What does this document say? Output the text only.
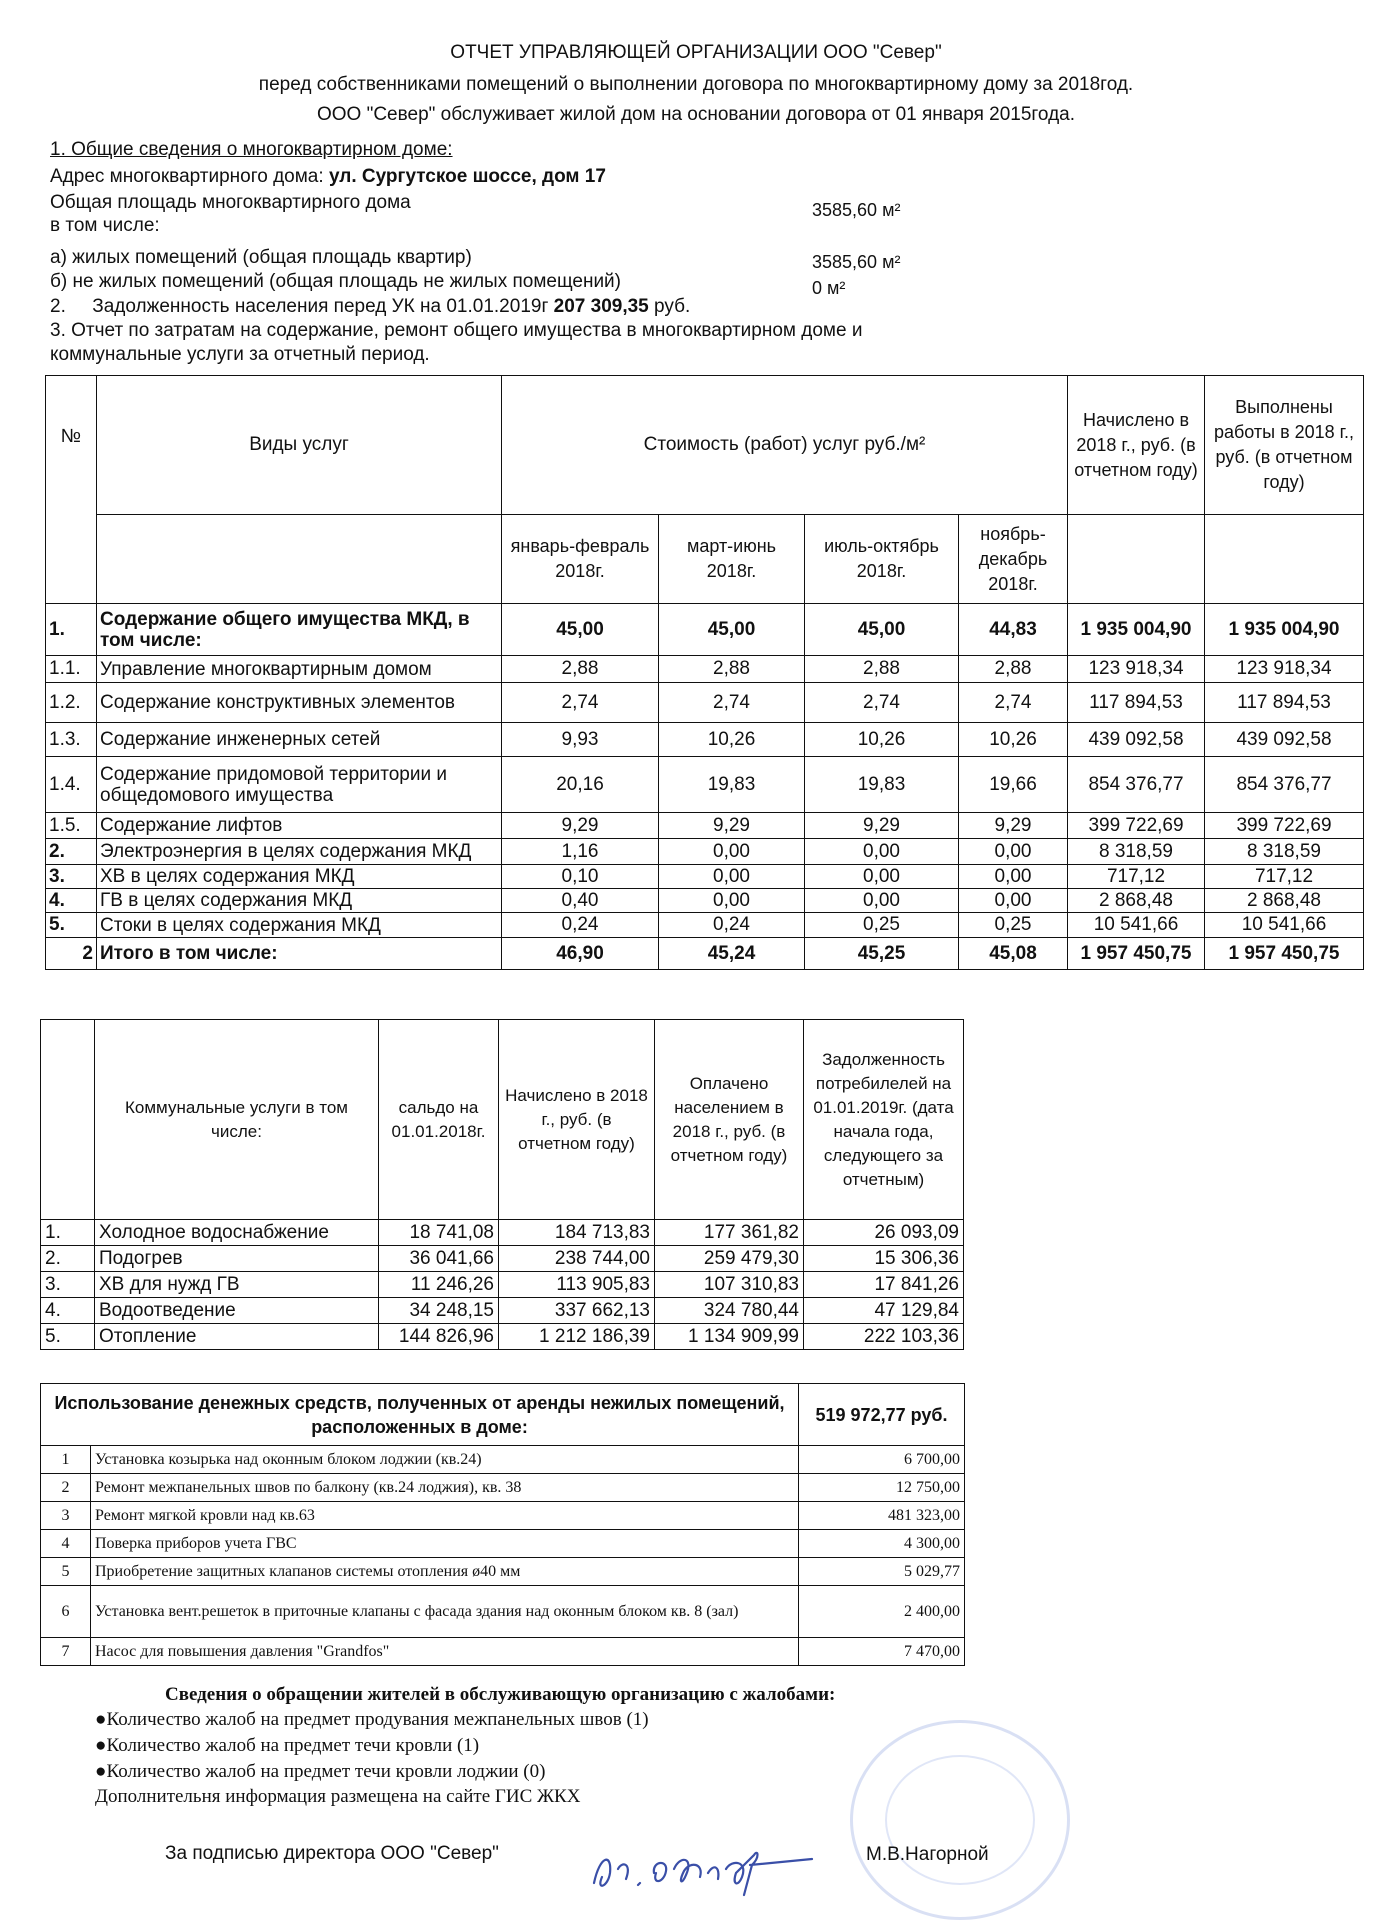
ОТЧЕТ УПРАВЛЯЮЩЕЙ ОРГАНИЗАЦИИ ООО "Север"
перед собственниками помещений о выполнении договора по многоквартирному дому за 2018год.
ООО "Север" обслуживает жилой дом на основании договора от 01 января 2015года.
1. Общие сведения о многоквартирном доме:
Адрес многоквартирного дома: ул. Сургутское шоссе, дом 17
Общая площадь многоквартирного дома	3585,60 м²
в том числе:
а) жилых помещений (общая площадь квартир)	3585,60 м²
б) не жилых помещений (общая площадь не жилых помещений)	0 м²
2. Задолженность населения перед УК на 01.01.2019г 207 309,35 руб.
3. Отчет по затратам на содержание, ремонт общего имущества в многоквартирном доме и
коммунальные услуги за отчетный период.
№	Виды услуг	Стоимость (работ) услуг руб./м²				Начислено в 2018 г., руб. (в отчетном году)	Выполнены работы в 2018 г., руб. (в отчетном году)
		январь-февраль 2018г.	март-июнь 2018г.	июль-октябрь 2018г.	ноябрь-декабрь 2018г.		
1.	Содержание общего имущества МКД, в том числе:	45,00	45,00	45,00	44,83	1 935 004,90	1 935 004,90
1.1.	Управление многоквартирным домом	2,88	2,88	2,88	2,88	123 918,34	123 918,34
1.2.	Содержание конструктивных элементов	2,74	2,74	2,74	2,74	117 894,53	117 894,53
1.3.	Содержание инженерных сетей	9,93	10,26	10,26	10,26	439 092,58	439 092,58
1.4.	Содержание придомовой территории и общедомового имущества	20,16	19,83	19,83	19,66	854 376,77	854 376,77
1.5.	Содержание лифтов	9,29	9,29	9,29	9,29	399 722,69	399 722,69
2.	Электроэнергия в целях содержания МКД	1,16	0,00	0,00	0,00	8 318,59	8 318,59
3.	ХВ в целях содержания МКД	0,10	0,00	0,00	0,00	717,12	717,12
4.	ГВ в целях содержания МКД	0,40	0,00	0,00	0,00	2 868,48	2 868,48
5.	Стоки в целях содержания МКД	0,24	0,24	0,25	0,25	10 541,66	10 541,66
2	Итого в том числе:	46,90	45,24	45,25	45,08	1 957 450,75	1 957 450,75
	Коммунальные услуги в том числе:	сальдо на 01.01.2018г.	Начислено в 2018 г., руб. (в отчетном году)	Оплачено населением в 2018 г., руб. (в отчетном году)	Задолженность потребилелей на 01.01.2019г. (дата начала года, следующего за отчетным)
1.	Холодное водоснабжение	18 741,08	184 713,83	177 361,82	26 093,09
2.	Подогрев	36 041,66	238 744,00	259 479,30	15 306,36
3.	ХВ для нужд ГВ	11 246,26	113 905,83	107 310,83	17 841,26
4.	Водоотведение	34 248,15	337 662,13	324 780,44	47 129,84
5.	Отопление	144 826,96	1 212 186,39	1 134 909,99	222 103,36
Использование денежных средств, полученных от аренды нежилых помещений, расположенных в доме:		519 972,77 руб.
1	Установка козырька над оконным блоком лоджии (кв.24)	6 700,00
2	Ремонт межпанельных швов по балкону (кв.24 лоджия), кв. 38	12 750,00
3	Ремонт мягкой кровли над кв.63	481 323,00
4	Поверка приборов учета ГВС	4 300,00
5	Приобретение защитных клапанов системы отопления ø40 мм	5 029,77
6	Установка вент.решеток в приточные клапаны с фасада здания над оконным блоком кв. 8 (зал)	2 400,00
7	Насос для повышения давления "Grandfos"	7 470,00
Сведения о обращении жителей в обслуживающую организацию с жалобами:
●Количество жалоб на предмет продувания межпанельных швов (1)
●Количество жалоб на предмет течи кровли (1)
●Количество жалоб на предмет течи кровли лоджии (0)
Дополнительня информация размещена на сайте ГИС ЖКХ
За подписью директора ООО "Север"	М.В.Нагорной
